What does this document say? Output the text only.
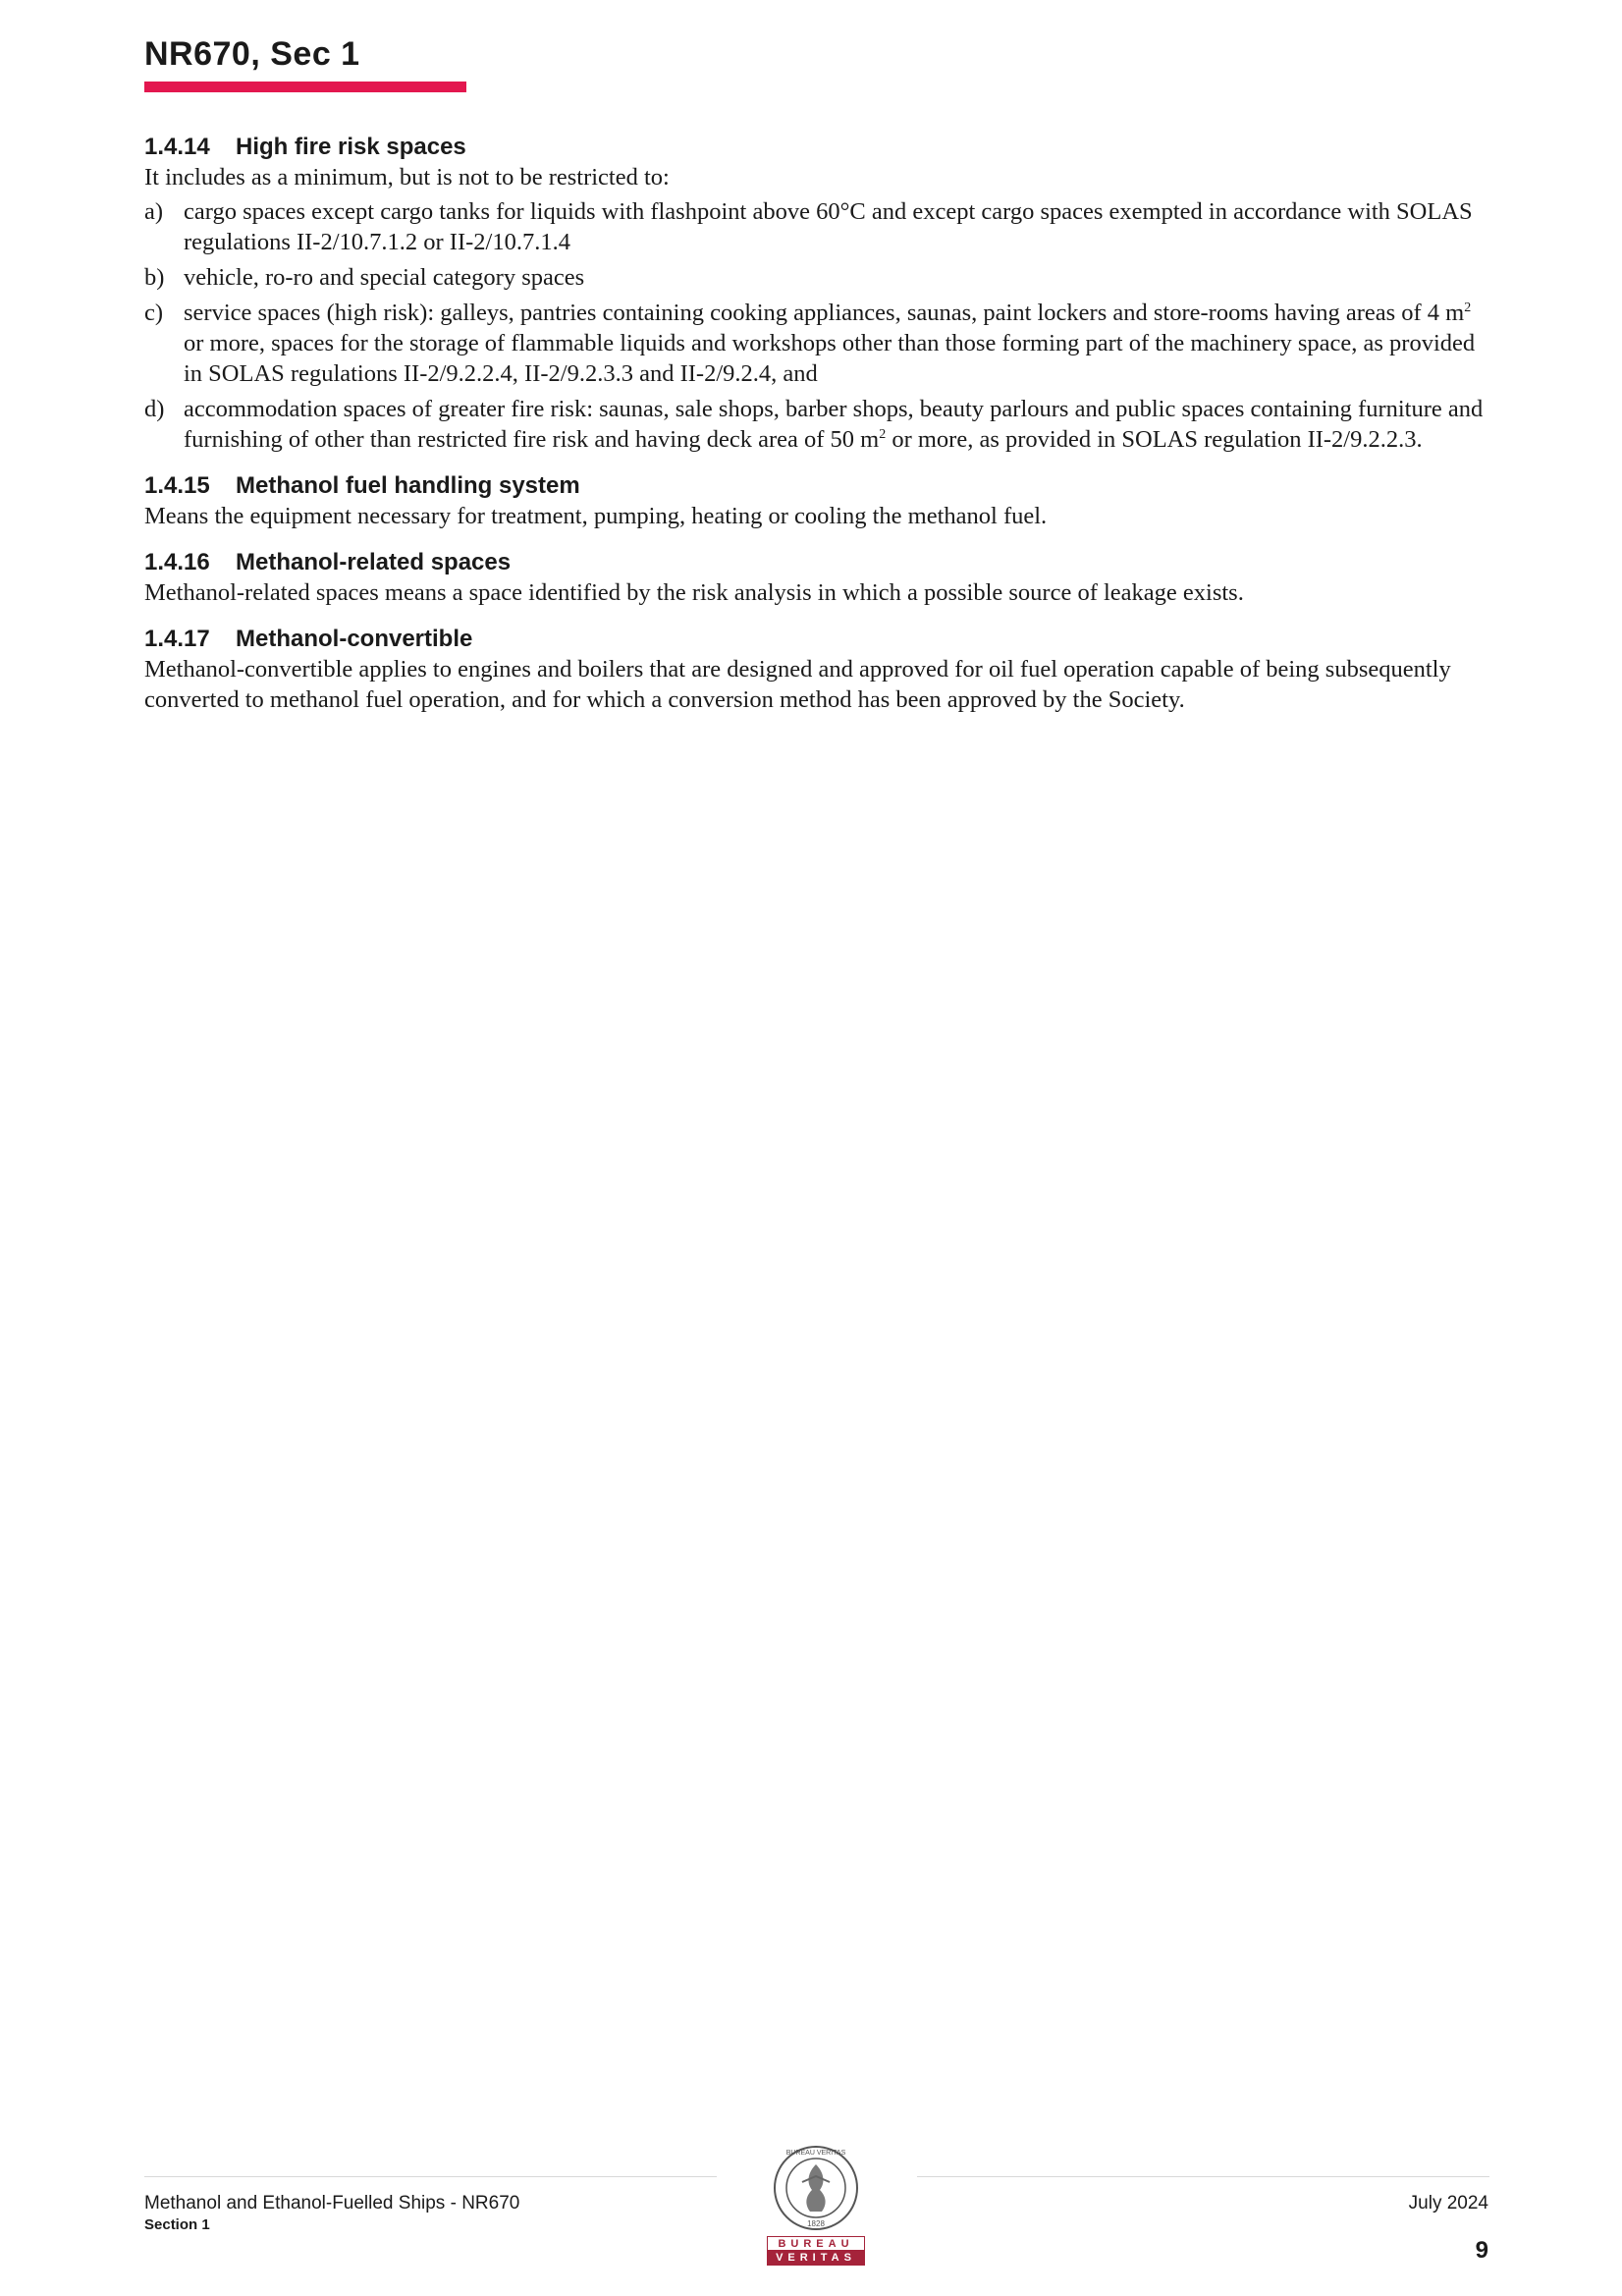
NR670, Sec 1
1.4.14	High fire risk spaces

It includes as a minimum, but is not to be restricted to:

a) cargo spaces except cargo tanks for liquids with flashpoint above 60°C and except cargo spaces exempted in accordance with SOLAS regulations II-2/10.7.1.2 or II-2/10.7.1.4
b) vehicle, ro-ro and special category spaces
c) service spaces (high risk): galleys, pantries containing cooking appliances, saunas, paint lockers and store-rooms having areas of 4 $m^2$ or more, spaces for the storage of flammable liquids and workshops other than those forming part of the machinery space, as provided in SOLAS regulations II-2/9.2.2.4, II-2/9.2.3.3 and II-2/9.2.4, and
d) accommodation spaces of greater fire risk: saunas, sale shops, barber shops, beauty parlours and public spaces containing furniture and furnishing of other than restricted fire risk and having deck area of 50 $m^2$ or more, as provided in SOLAS regulation II-2/9.2.2.3.
1.4.15	Methanol fuel handling system

Means the equipment necessary for treatment, pumping, heating or cooling the methanol fuel.

1.4.16	Methanol-related spaces

Methanol-related spaces means a space identified by the risk analysis in which a possible source of leakage exists.

1.4.17	Methanol-convertible

Methanol-convertible applies to engines and boilers that are designed and approved for oil fuel operation capable of being subsequently converted to methanol fuel operation, and for which a conversion method has been approved by the Society.

Methanol and Ethanol-Fuelled Ships - NR670
Section 1
BUREAU VERITAS
1828
BUREAU
VERITAS
July 2024
9
